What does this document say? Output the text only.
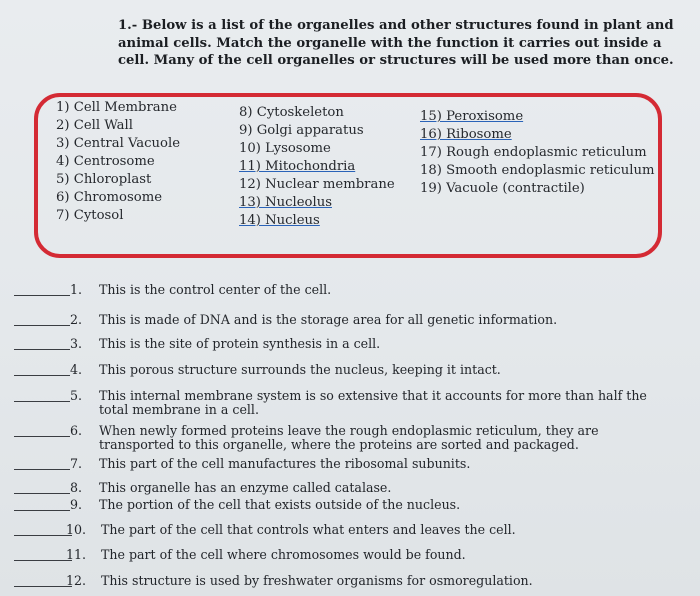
1.- Below is a list of the organelles and other structures found in plant and animal cells. Match the organelle with the function it carries out inside a cell. Many of the cell organelles or structures will be used more than once.

1) Cell Membrane
2) Cell Wall
3) Central Vacuole
4) Centrosome
5) Chloroplast
6) Chromosome
7) Cytosol
8) Cytoskeleton
9) Golgi apparatus
10) Lysosome
11) Mitochondria
12) Nuclear membrane
13) Nucleolus
14) Nucleus
15) Peroxisome
16) Ribosome
17) Rough endoplasmic reticulum
18) Smooth endoplasmic reticulum
19) Vacuole (contractile)
1. This is the control center of the cell.
2. This is made of DNA and is the storage area for all genetic information.
3. This is the site of protein synthesis in a cell.
4. This porous structure surrounds the nucleus, keeping it intact.
5. This internal membrane system is so extensive that it accounts for more than half the total membrane in a cell.
6. When newly formed proteins leave the rough endoplasmic reticulum, they are transported to this organelle, where the proteins are sorted and packaged.
7. This part of the cell manufactures the ribosomal subunits.
8. This organelle has an enzyme called catalase.
9. The portion of the cell that exists outside of the nucleus.
10. The part of the cell that controls what enters and leaves the cell.
11. The part of the cell where chromosomes would be found.
12. This structure is used by freshwater organisms for osmoregulation.
